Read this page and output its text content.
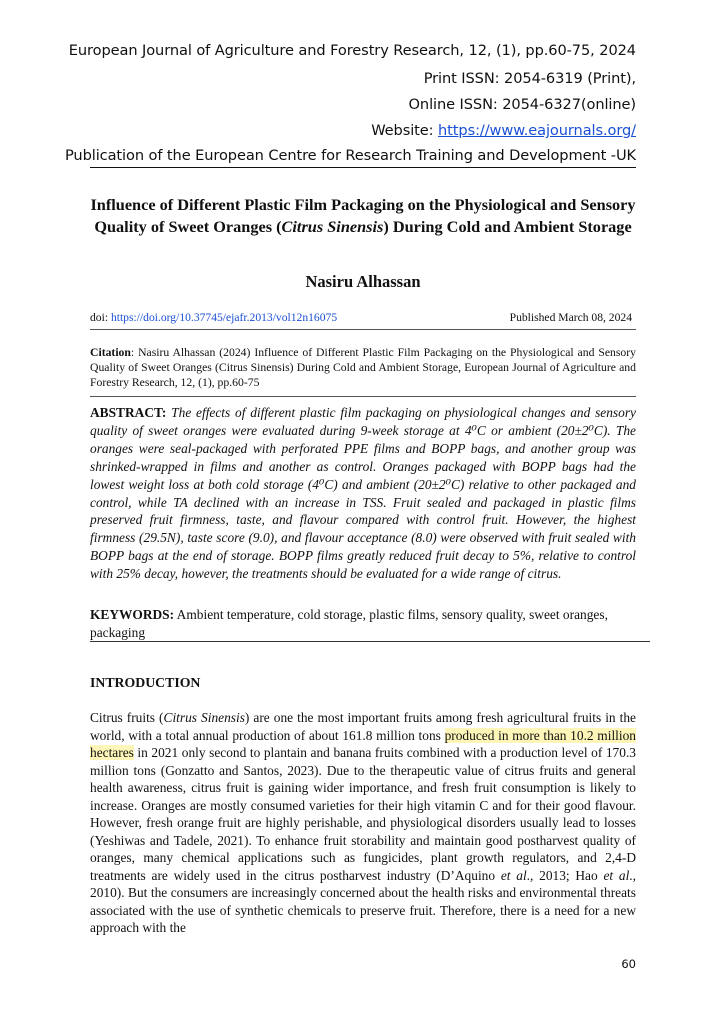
European Journal of Agriculture and Forestry Research, 12, (1), pp.60-75, 2024
Print ISSN: 2054-6319 (Print),
Online ISSN: 2054-6327(online)
Website: https://www.eajournals.org/
Publication of the European Centre for Research Training and Development -UK
Influence of Different Plastic Film Packaging on the Physiological and Sensory Quality of Sweet Oranges (Citrus Sinensis) During Cold and Ambient Storage
Nasiru Alhassan
doi: https://doi.org/10.37745/ejafr.2013/vol12n16075	Published March 08, 2024
Citation: Nasiru Alhassan (2024) Influence of Different Plastic Film Packaging on the Physiological and Sensory Quality of Sweet Oranges (Citrus Sinensis) During Cold and Ambient Storage, European Journal of Agriculture and Forestry Research, 12, (1), pp.60-75
ABSTRACT: The effects of different plastic film packaging on physiological changes and sensory quality of sweet oranges were evaluated during 9-week storage at 4⁰C or ambient (20±2⁰C). The oranges were seal-packaged with perforated PPE films and BOPP bags, and another group was shrinked-wrapped in films and another as control. Oranges packaged with BOPP bags had the lowest weight loss at both cold storage (4⁰C) and ambient (20±2⁰C) relative to other packaged and control, while TA declined with an increase in TSS. Fruit sealed and packaged in plastic films preserved fruit firmness, taste, and flavour compared with control fruit. However, the highest firmness (29.5N), taste score (9.0), and flavour acceptance (8.0) were observed with fruit sealed with BOPP bags at the end of storage. BOPP films greatly reduced fruit decay to 5%, relative to control with 25% decay, however, the treatments should be evaluated for a wide range of citrus.
KEYWORDS: Ambient temperature, cold storage, plastic films, sensory quality, sweet oranges, packaging
INTRODUCTION
Citrus fruits (Citrus Sinensis) are one the most important fruits among fresh agricultural fruits in the world, with a total annual production of about 161.8 million tons produced in more than 10.2 million hectares in 2021 only second to plantain and banana fruits combined with a production level of 170.3 million tons (Gonzatto and Santos, 2023). Due to the therapeutic value of citrus fruits and general health awareness, citrus fruit is gaining wider importance, and fresh fruit consumption is likely to increase. Oranges are mostly consumed varieties for their high vitamin C and for their good flavour. However, fresh orange fruit are highly perishable, and physiological disorders usually lead to losses (Yeshiwas and Tadele, 2021). To enhance fruit storability and maintain good postharvest quality of oranges, many chemical applications such as fungicides, plant growth regulators, and 2,4-D treatments are widely used in the citrus postharvest industry (D’Aquino et al., 2013; Hao et al., 2010). But the consumers are increasingly concerned about the health risks and environmental threats associated with the use of synthetic chemicals to preserve fruit. Therefore, there is a need for a new approach with the
60
